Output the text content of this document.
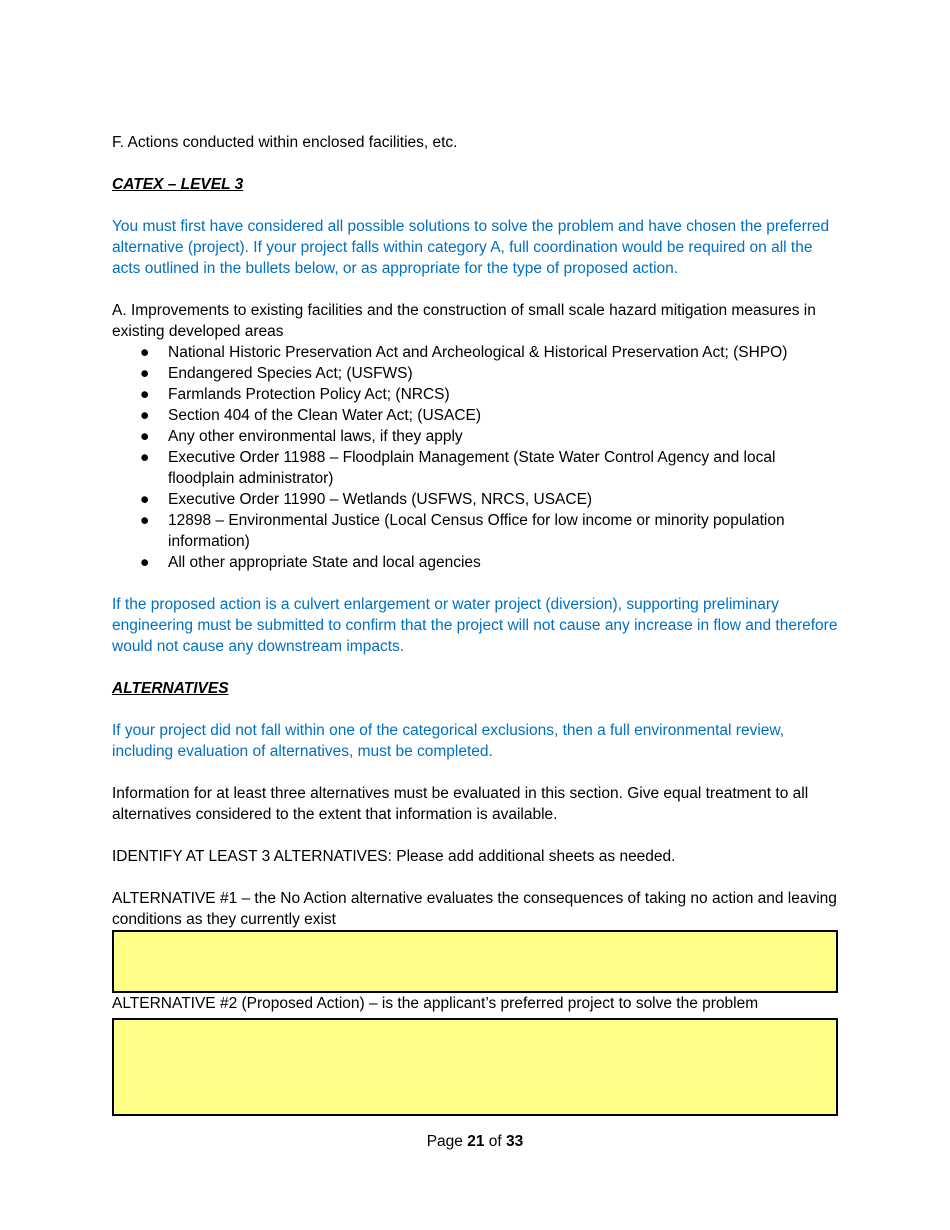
F. Actions conducted within enclosed facilities, etc.

CATEX – LEVEL 3

You must first have considered all possible solutions to solve the problem and have chosen the preferred alternative (project). If your project falls within category A, full coordination would be required on all the acts outlined in the bullets below, or as appropriate for the type of proposed action.

A. Improvements to existing facilities and the construction of small scale hazard mitigation measures in existing developed areas

● National Historic Preservation Act and Archeological & Historical Preservation Act; (SHPO)
● Endangered Species Act; (USFWS)
● Farmlands Protection Policy Act; (NRCS)
● Section 404 of the Clean Water Act; (USACE)
● Any other environmental laws, if they apply
● Executive Order 11988 – Floodplain Management (State Water Control Agency and local floodplain administrator)
● Executive Order 11990 – Wetlands (USFWS, NRCS, USACE)
● 12898 – Environmental Justice (Local Census Office for low income or minority population information)
● All other appropriate State and local agencies

If the proposed action is a culvert enlargement or water project (diversion), supporting preliminary engineering must be submitted to confirm that the project will not cause any increase in flow and therefore would not cause any downstream impacts.

ALTERNATIVES

If your project did not fall within one of the categorical exclusions, then a full environmental review, including evaluation of alternatives, must be completed.

Information for at least three alternatives must be evaluated in this section. Give equal treatment to all alternatives considered to the extent that information is available.

IDENTIFY AT LEAST 3 ALTERNATIVES: Please add additional sheets as needed.

ALTERNATIVE #1 – the No Action alternative evaluates the consequences of taking no action and leaving conditions as they currently exist

ALTERNATIVE #2 (Proposed Action) – is the applicant’s preferred project to solve the problem

Page 21 of 33
